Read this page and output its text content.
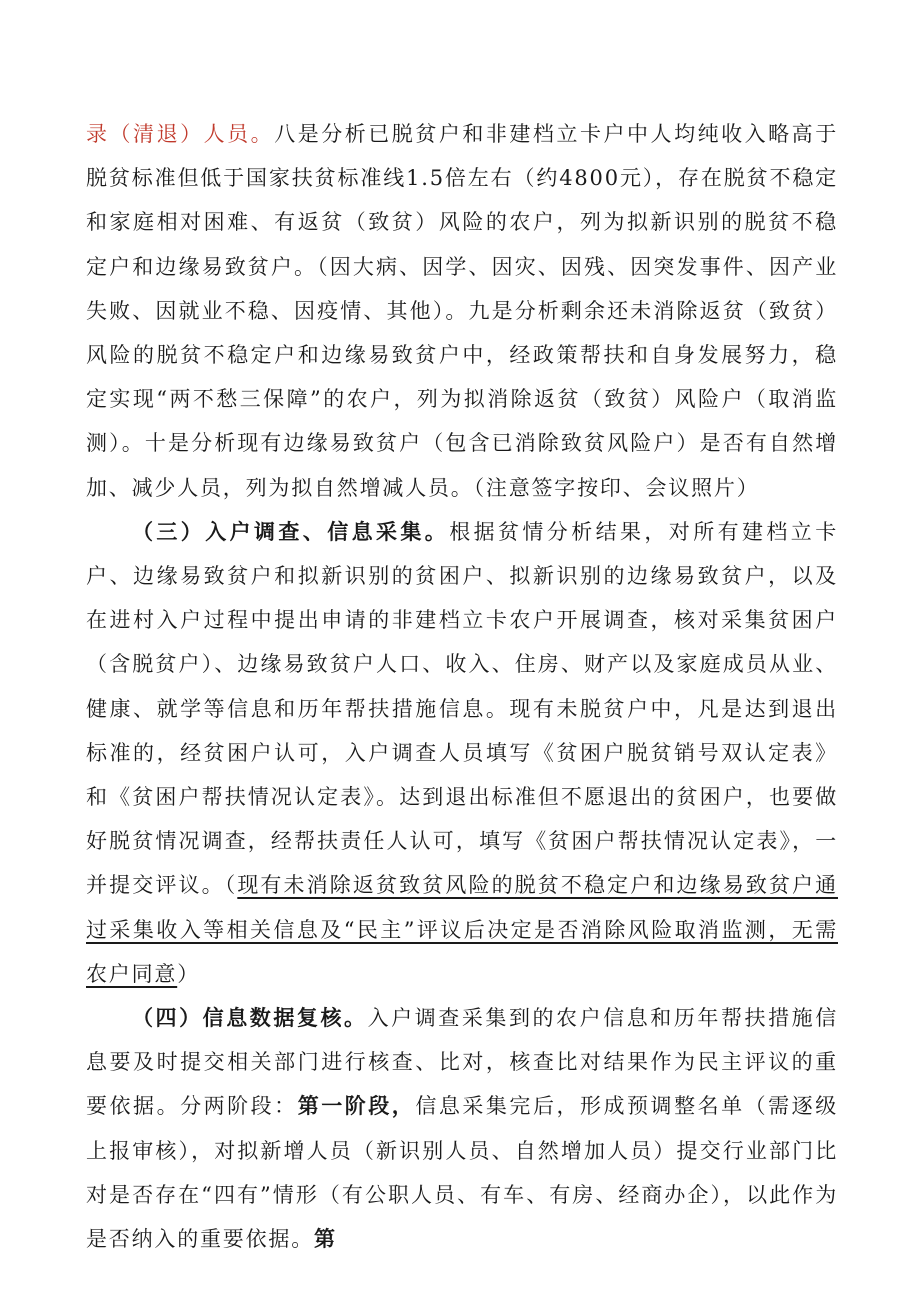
录（清退）人员。八是分析已脱贫户和非建档立卡户中人均纯收入略高于脱贫标准但低于国家扶贫标准线1.5倍左右（约4800元），存在脱贫不稳定和家庭相对困难、有返贫（致贫）风险的农户，列为拟新识别的脱贫不稳定户和边缘易致贫户。（因大病、因学、因灾、因残、因突发事件、因产业失败、因就业不稳、因疫情、其他）。九是分析剩余还未消除返贫（致贫）风险的脱贫不稳定户和边缘易致贫户中，经政策帮扶和自身发展努力，稳定实现“两不愁三保障”的农户，列为拟消除返贫（致贫）风险户（取消监测）。十是分析现有边缘易致贫户（包含已消除致贫风险户）是否有自然增加、减少人员，列为拟自然增减人员。（注意签字按印、会议照片）

（三）入户调查、信息采集。根据贫情分析结果，对所有建档立卡户、边缘易致贫户和拟新识别的贫困户、拟新识别的边缘易致贫户，以及在进村入户过程中提出申请的非建档立卡农户开展调查，核对采集贫困户（含脱贫户）、边缘易致贫户人口、收入、住房、财产以及家庭成员从业、健康、就学等信息和历年帮扶措施信息。现有未脱贫户中，凡是达到退出标准的，经贫困户认可，入户调查人员填写《贫困户脱贫销号双认定表》和《贫困户帮扶情况认定表》。达到退出标准但不愿退出的贫困户，也要做好脱贫情况调查，经帮扶责任人认可，填写《贫困户帮扶情况认定表》，一并提交评议。（现有未消除返贫致贫风险的脱贫不稳定户和边缘易致贫户通过采集收入等相关信息及“民主”评议后决定是否消除风险取消监测，无需农户同意）

（四）信息数据复核。入户调查采集到的农户信息和历年帮扶措施信息要及时提交相关部门进行核查、比对，核查比对结果作为民主评议的重要依据。分两阶段：第一阶段，信息采集完后，形成预调整名单（需逐级上报审核），对拟新增人员（新识别人员、自然增加人员）提交行业部门比对是否存在“四有”情形（有公职人员、有车、有房、经商办企），以此作为是否纳入的重要依据。第
